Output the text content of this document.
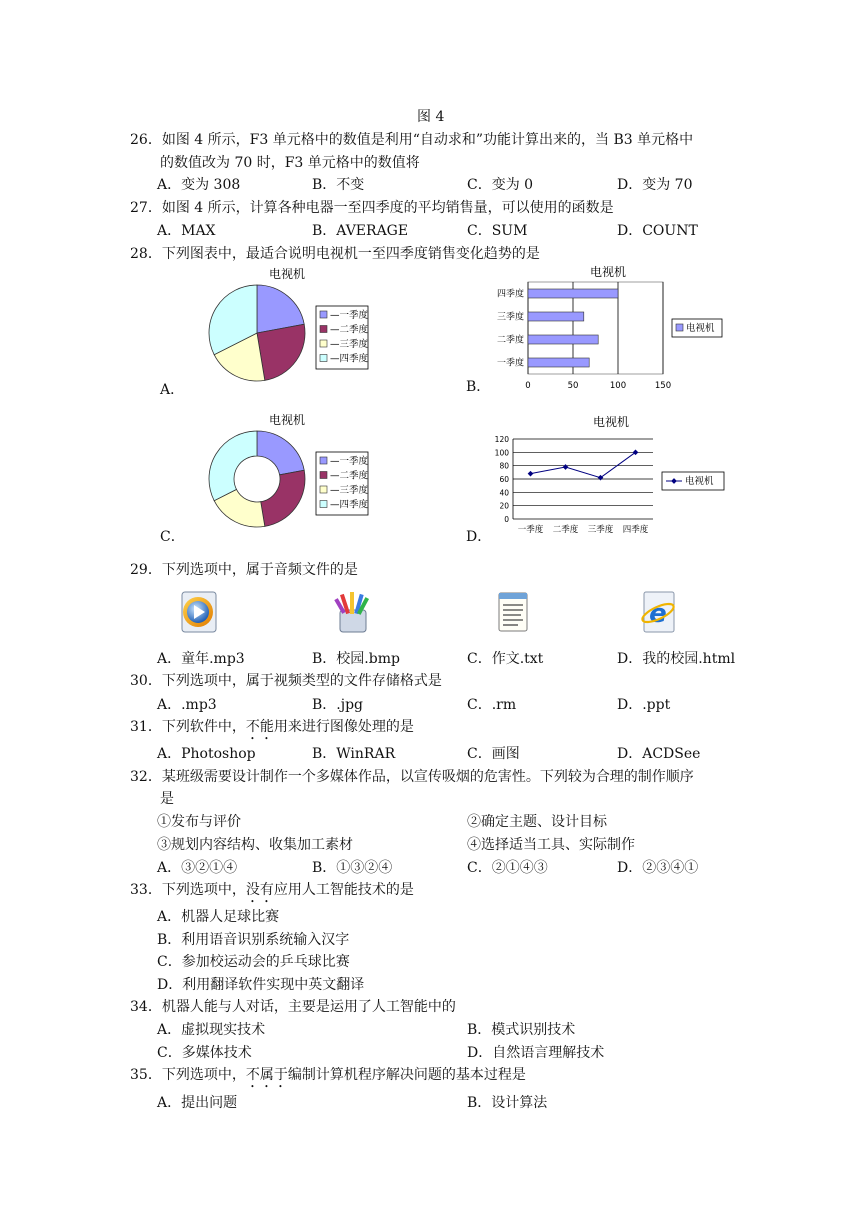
图 4
26．如图 4 所示，F3 单元格中的数值是利用“自动求和”功能计算出来的，当 B3 单元格中
的数值改为 70 时，F3 单元格中的数值将
A．变为 308	B．不变	C．变为 0	D．变为 70
27．如图 4 所示，计算各种电器一至四季度的平均销售量，可以使用的函数是
A．MAX	B．AVERAGE	C．SUM	D．COUNT
28．下列图表中，最适合说明电视机一至四季度销售变化趋势的是
A．	B．
C．	D．
电视机
—一季度
—二季度
—三季度
—四季度
电视机
0	50	100	150
一季度
二季度
三季度
四季度
电视机
电视机
—一季度
—二季度
—三季度
—四季度
电视机
0
20
40
60
80
100
120
一季度 二季度 三季度 四季度
电视机
29．下列选项中，属于音频文件的是
e
A．童年.mp3	B．校园.bmp	C．作文.txt	D．我的校园.html
30．下列选项中，属于视频类型的文件存储格式是
A．.mp3	B．.jpg	C．.rm	D．.ppt
31．下列软件中，不能用来进行图像处理的是
A．Photoshop	B．WinRAR	C．画图	D．ACDSee
32．某班级需要设计制作一个多媒体作品，以宣传吸烟的危害性。下列较为合理的制作顺序
是
①发布与评价	②确定主题、设计目标
③规划内容结构、收集加工素材	④选择适当工具、实际制作
A．③②①④	B．①③②④	C．②①④③	D．②③④①
33．下列选项中，没有应用人工智能技术的是
A．机器人足球比赛
B．利用语音识别系统输入汉字
C．参加校运动会的乒乓球比赛
D．利用翻译软件实现中英文翻译
34．机器人能与人对话，主要是运用了人工智能中的
A．虚拟现实技术	B．模式识别技术
C．多媒体技术	D．自然语言理解技术
35．下列选项中，不属于编制计算机程序解决问题的基本过程是
A．提出问题	B．设计算法
